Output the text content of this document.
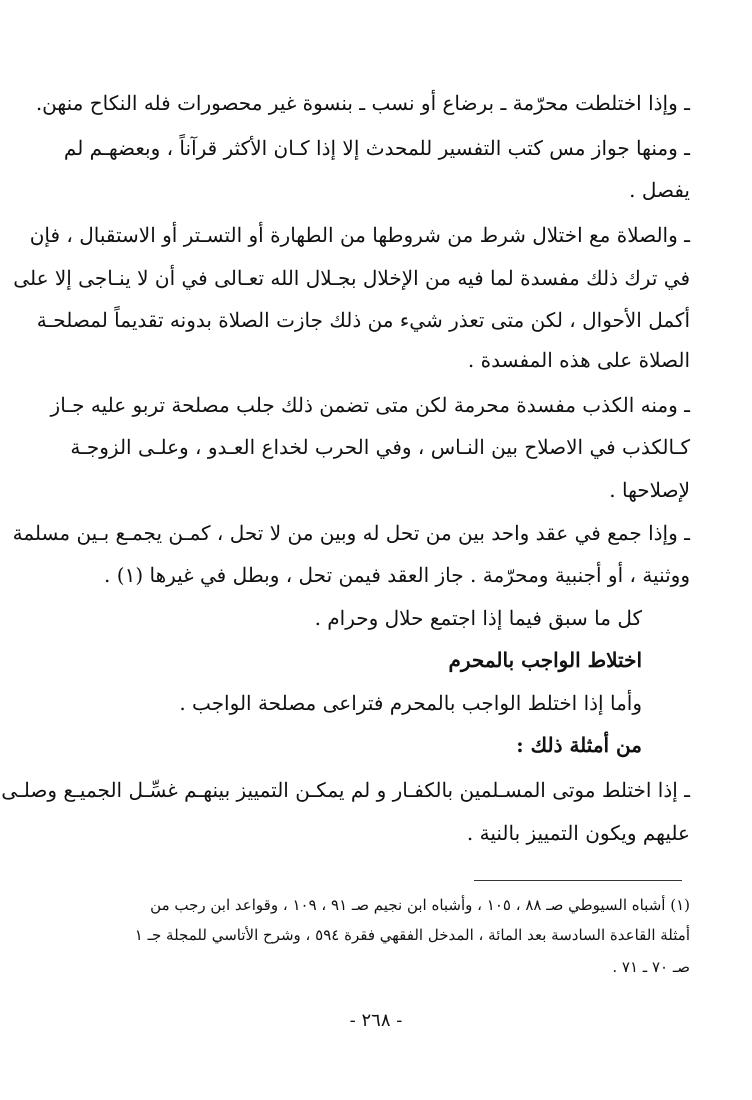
ـ وإذا اختلطت محرّمة ـ برضاع أو نسب ـ بنسوة غير محصورات فله النكاح منهن.
ـ ومنها جواز مس كتب التفسير للمحدث إلا إذا كـان الأكثر قرآناً ، وبعضهـم لم
يفصل .
ـ والصلاة مع اختلال شرط من شروطها من الطهارة أو التسـتر أو الاستقبال ، فإن
في ترك ذلك مفسدة لما فيه من الإخلال بجـلال الله تعـالى في أن لا ينـاجى إلا على
أكمل الأحوال ، لكن متى تعذر شيء من ذلك جازت الصلاة بدونه تقديماً لمصلحـة
الصلاة على هذه المفسدة .
ـ ومنه الكذب مفسدة محرمة لكن متى تضمن ذلك جلب مصلحة تربو عليه جـاز
كـالكذب في الاصلاح بين النـاس ، وفي الحرب لخداع العـدو ، وعلـى الزوجـة
لإصلاحها .
ـ وإذا جمع في عقد واحد بين من تحل له وبين من لا تحل ، كمـن يجمـع بـين مسلمة
ووثنية ، أو أجنبية ومحرّمة . جاز العقد فيمن تحل ، وبطل في غيرها (١) .
كل ما سبق فيما إذا اجتمع حلال وحرام .
اختلاط الواجب بالمحرم
وأما إذا اختلط الواجب بالمحرم فتراعى مصلحة الواجب .
من أمثلة ذلك :
ـ إذا اختلط موتى المسـلمين بالكفـار و لم يمكـن التمييز بينهـم غسِّـل الجميـع وصلـى
عليهم ويكون التمييز بالنية .
(١) أشباه السيوطي صـ ٨٨ ، ١٠٥ ، وأشباه ابن نجيم صـ ٩١ ، ١٠٩ ، وقواعد ابن رجب من
أمثلة القاعدة السادسة بعد المائة ، المدخل الفقهي فقرة ٥٩٤ ، وشرح الأتاسي للمجلة جـ ١
صـ ٧٠ ـ ٧١ .
- ٢٦٨ -
